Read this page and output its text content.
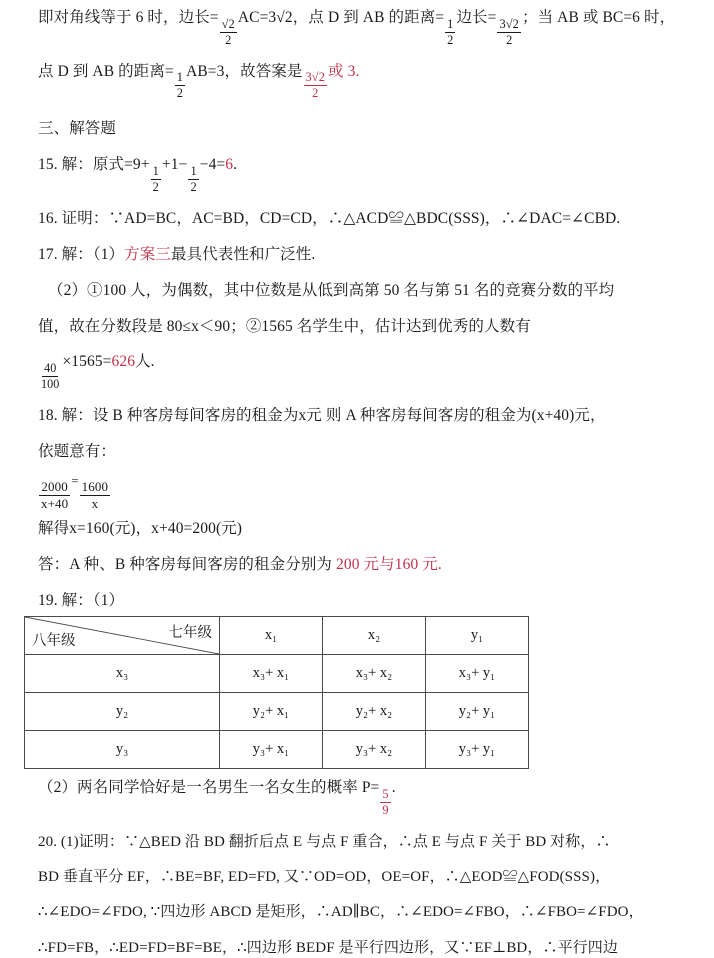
即对角线等于 6 时，边长=
$\frac{√2}{2}$
AC=3√2，点 D 到 AB 的距离=
$\frac{1}{2}$
边长=
$\frac{3√2}{2}$
；当 AB 或 BC=6 时，
点 D 到 AB 的距离=
$\frac{1}{2}$
AB=3，故答案是
$\frac{3√2}{2}$
或 3.
三、解答题
15. 解：原式=9+
$\frac{1}{2}$
+1−
$\frac{1}{2}$
−4=6.
16. 证明：∵AD=BC，AC=BD，CD=CD，∴△ACD≌△BDC(SSS)，∴∠DAC=∠CBD.
17. 解：（1）方案三最具代表性和广泛性.
（2）①100 人，为偶数，其中位数是从低到高第 50 名与第 51 名的竞赛分数的平均
值，故在分数段是 80≤x＜90；②1565 名学生中，估计达到优秀的人数有
$\frac{40}{100}$
×1565=626人.
18. 解：设 B 种客房每间客房的租金为x元 则 A 种客房每间客房的租金为(x+40)元，
依题意有：
$\frac{2000}{x+40} = \frac{1600}{x}$
解得x=160(元)，x+40=200(元)
答：A 种、B 种客房每间客房的租金分别为 200 元与160 元.
19. 解：（1）
八年级 七年级	x₁	x₂	y₁
x₃	x₃+ x₁	x₃+ x₂	x₃+ y₁
y₂	y₂+ x₁	y₂+ x₂	y₂+ y₁
y₃	y₃+ x₁	y₃+ x₂	y₃+ y₁
（2）两名同学恰好是一名男生一名女生的概率 P=
$\frac{5}{9}$
.
20. (1)证明：∵△BED 沿 BD 翻折后点 E 与点 F 重合，∴点 E 与点 F 关于 BD 对称，∴
BD 垂直平分 EF，∴BE=BF, ED=FD, 又∵OD=OD，OE=OF，∴△EOD≌△FOD(SSS)，
∴∠EDO=∠FDO, ∵四边形 ABCD 是矩形，∴AD∥BC，∴∠EDO=∠FBO，∴∠FBO=∠FDO，
∴FD=FB，∴ED=FD=BF=BE，∴四边形 BEDF 是平行四边形，又∵EF⊥BD，∴平行四边
